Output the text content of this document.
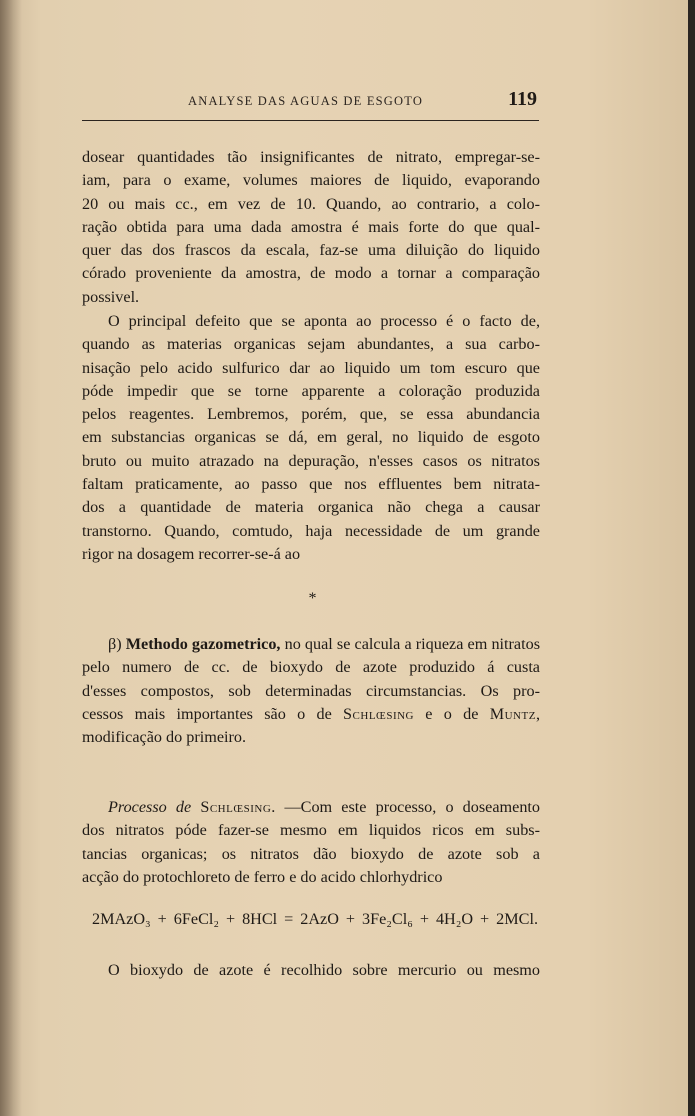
ANALYSE DAS AGUAS DE ESGOTO	119
dosear quantidades tão insignificantes de nitrato, empregar-se-
iam, para o exame, volumes maiores de liquido, evaporando
20 ou mais cc., em vez de 10. Quando, ao contrario, a colo-
ração obtida para uma dada amostra é mais forte do que qual-
quer das dos frascos da escala, faz-se uma diluição do liquido
córado proveniente da amostra, de modo a tornar a comparação
possivel.
O principal defeito que se aponta ao processo é o facto de,
quando as materias organicas sejam abundantes, a sua carbo-
nisação pelo acido sulfurico dar ao liquido um tom escuro que
póde impedir que se torne apparente a coloração produzida
pelos reagentes. Lembremos, porém, que, se essa abundancia
em substancias organicas se dá, em geral, no liquido de esgoto
bruto ou muito atrazado na depuração, n'esses casos os nitratos
faltam praticamente, ao passo que nos effluentes bem nitrata-
dos a quantidade de materia organica não chega a causar
transtorno. Quando, comtudo, haja necessidade de um grande
rigor na dosagem recorrer-se-á ao
*
β) Methodo gazometrico, no qual se calcula a riqueza em nitratos
pelo numero de cc. de bioxydo de azote produzido á custa
d'esses compostos, sob determinadas circumstancias. Os pro-
cessos mais importantes são o de Schlœsing e o de Muntz,
modificação do primeiro.
Processo de Schlœsing. —Com este processo, o doseamento
dos nitratos póde fazer-se mesmo em liquidos ricos em subs-
tancias organicas; os nitratos dão bioxydo de azote sob a
acção do protochloreto de ferro e do acido chlorhydrico
2MAzO₃ + 6FeCl₂ + 8HCl = 2AzO + 3Fe₂Cl₆ + 4H₂O + 2MCl.
O bioxydo de azote é recolhido sobre mercurio ou mesmo
